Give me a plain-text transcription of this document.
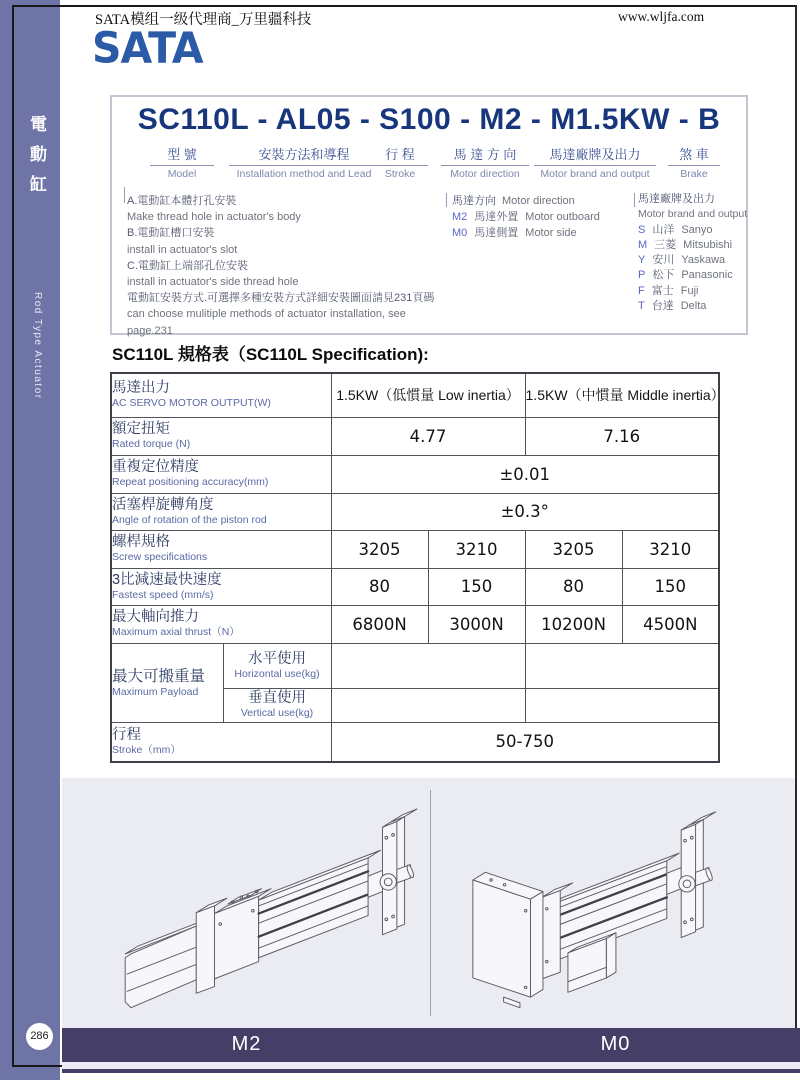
電動缸
Rod Type Actuator
286
SATA模组一级代理商_万里疆科技	www.wljfa.com
SATA
SC110L - AL05 - S100 - M2 - M1.5KW - B
型 號
Model
安裝方法和導程
Installation method and Lead
行 程
Stroke
馬 達 方 向
Motor direction
馬達廠牌及出力
Motor brand and output
煞 車
Brake
A.電動缸本體打孔安裝
Make thread hole in actuator's body
B.電動缸槽口安裝
install in actuator's slot
C.電動缸上端部孔位安裝
install in actuator's side thread hole
電動缸安裝方式.可選擇多種安裝方式詳細安裝圖面請見231頁碼
can choose mulitiple methods of actuator installation, see page.231
馬達方向 Motor direction
M2 馬達外置 Motor outboard
M0 馬達側置 Motor side
馬達廠牌及出力
Motor brand and output
S 山洋 Sanyo
M 三菱 Mitsubishi
Y 安川 Yaskawa
P 松下 Panasonic
F 富士 Fuji
T 台達 Delta
SC110L 規格表（SC110L Specification):
馬達出力
AC SERVO MOTOR OUTPUT(W)		1.5KW（低慣量 Low inertia）		1.5KW（中慣量 Middle inertia）	

額定扭矩
Rated torque (N)		4.77		7.16	

重複定位精度
Repeat positioning accuracy(mm)		±0.01			

活塞桿旋轉角度
Angle of rotation of the piston rod		±0.3°			

螺桿規格
Screw specifications		3205	3210	3205	3210

3比減速最快速度
Fastest speed (mm/s)		80	150	80	150

最大軸向推力
Maximum axial thrust（N）		6800N	3000N	10200N	4500N

最大可搬重量
Maximum Payload

水平使用
Horizontal use(kg)

	垂直使用
Vertical use(kg)				

行程
Stroke（mm）		50-750			
M2	M0
